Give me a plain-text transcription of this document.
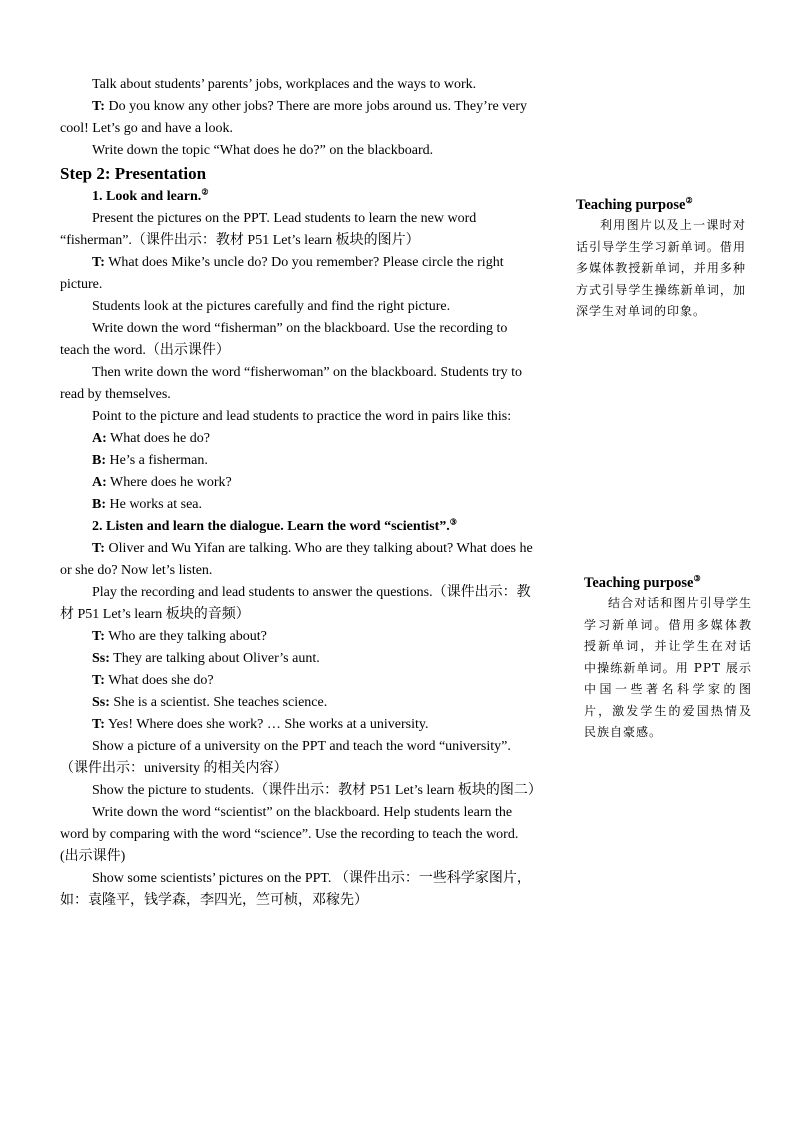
Talk about students’ parents’ jobs, workplaces and the ways to work.

T: Do you know any other jobs? There are more jobs around us. They’re very cool! Let’s go and have a look.

Write down the topic “What does he do?” on the blackboard.

Step 2: Presentation

1. Look and learn.②

Present the pictures on the PPT. Lead students to learn the new word “fisherman”.（课件出示：教材 P51 Let’s learn 板块的图片）

T: What does Mike’s uncle do? Do you remember? Please circle the right picture.

Students look at the pictures carefully and find the right picture.

Write down the word “fisherman” on the blackboard. Use the recording to teach the word.（出示课件）

Then write down the word “fisherwoman” on the blackboard. Students try to read by themselves.

Point to the picture and lead students to practice the word in pairs like this:

A: What does he do?

B: He’s a fisherman.

A: Where does he work?

B: He works at sea.

2. Listen and learn the dialogue. Learn the word “scientist”.③

T: Oliver and Wu Yifan are talking. Who are they talking about? What does he or she do? Now let’s listen.

Play the recording and lead students to answer the questions.（课件出示：教材 P51 Let’s learn 板块的音频）

T: Who are they talking about?

Ss: They are talking about Oliver’s aunt.

T: What does she do?

Ss: She is a scientist. She teaches science.

T: Yes! Where does she work? … She works at a university.

Show a picture of a university on the PPT and teach the word “university”.（课件出示：university 的相关内容）

Show the picture to students.（课件出示：教材 P51 Let’s learn 板块的图二）

Write down the word “scientist” on the blackboard. Help students learn the word by comparing with the word “science”. Use the recording to teach the word. (出示课件)

Show some scientists’ pictures on the PPT. （课件出示：一些科学家图片，如：袁隆平，钱学森，李四光，竺可桢，邓稼先）

Teaching purpose②
利用图片以及上一课时对话引导学生学习新单词。借用多媒体教授新单词，并用多种方式引导学生操练新单词，加深学生对单词的印象。
Teaching purpose③
结合对话和图片引导学生学习新单词。借用多媒体教授新单词，并让学生在对话中操练新单词。用 PPT 展示中国一些著名科学家的图片，激发学生的爱国热情及民族自豪感。
